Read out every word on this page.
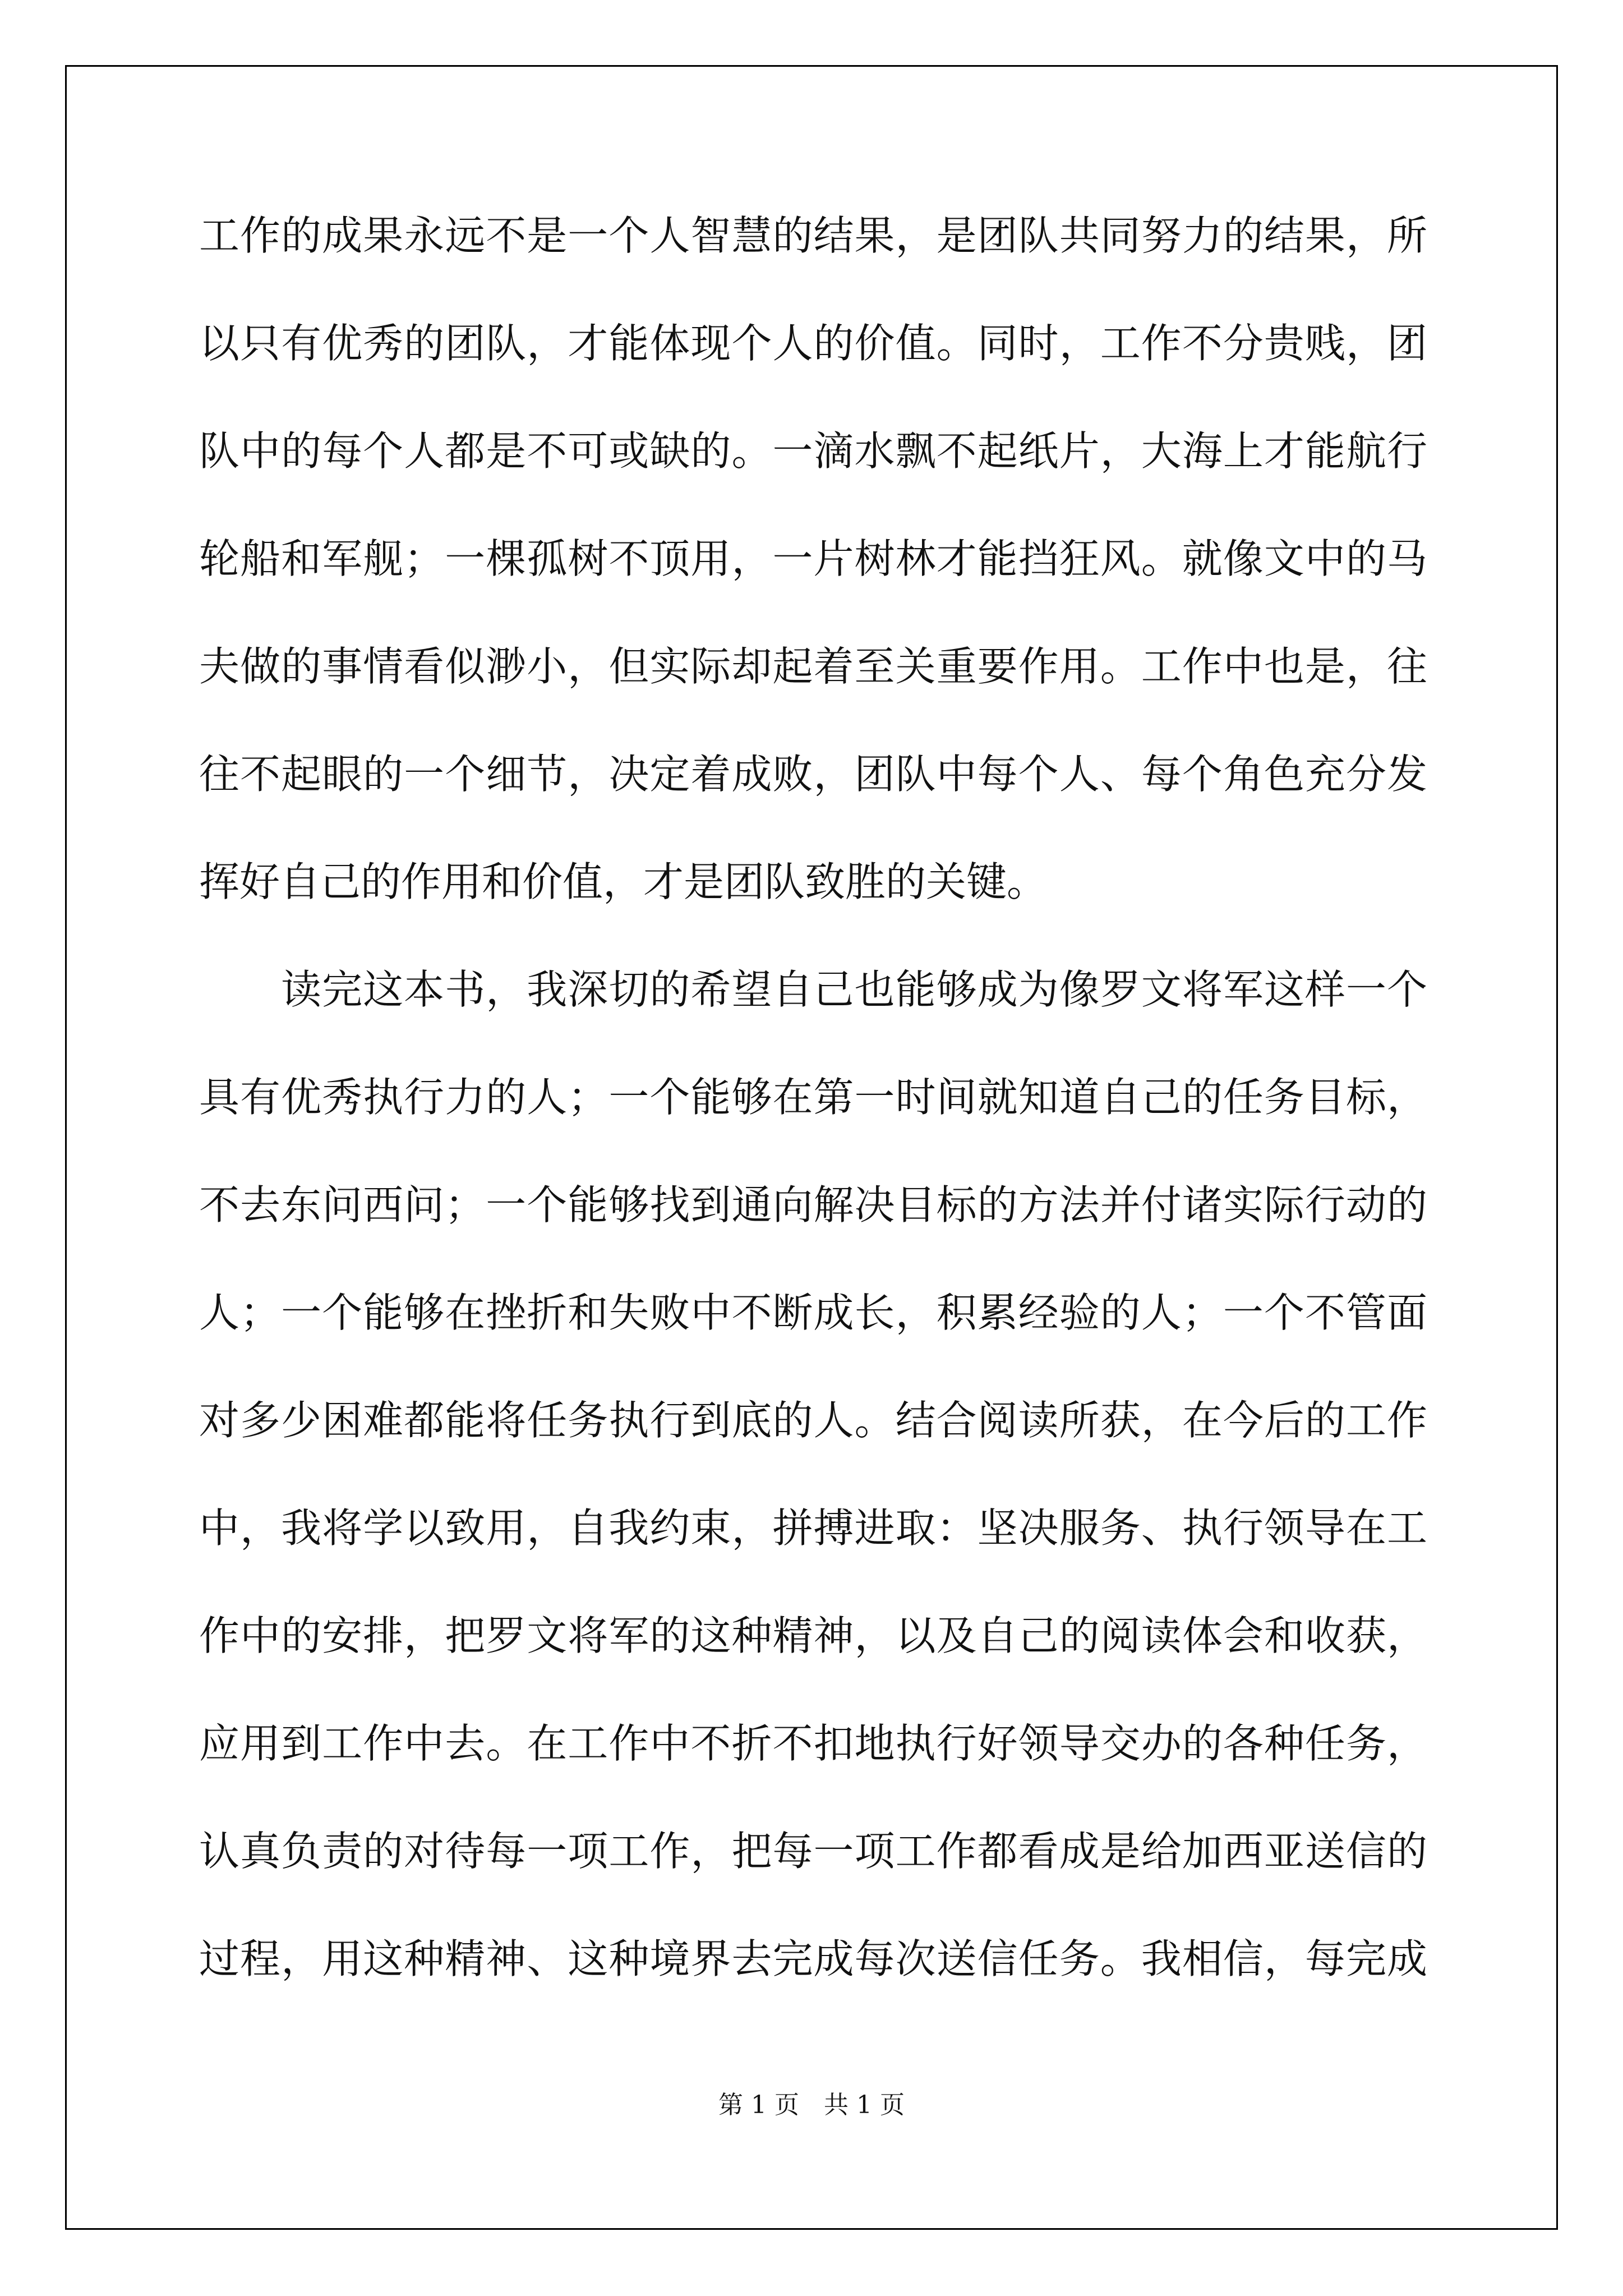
工作的成果永远不是一个人智慧的结果，是团队共同努力的结果，所
以只有优秀的团队，才能体现个人的价值。同时，工作不分贵贱，团
队中的每个人都是不可或缺的。一滴水飘不起纸片，大海上才能航行
轮船和军舰；一棵孤树不顶用，一片树林才能挡狂风。就像文中的马
夫做的事情看似渺小，但实际却起着至关重要作用。工作中也是，往
往不起眼的一个细节，决定着成败，团队中每个人、每个角色充分发
挥好自己的作用和价值，才是团队致胜的关键。
　　读完这本书，我深切的希望自己也能够成为像罗文将军这样一个
具有优秀执行力的人；一个能够在第一时间就知道自己的任务目标，
不去东问西问；一个能够找到通向解决目标的方法并付诸实际行动的
人；一个能够在挫折和失败中不断成长，积累经验的人；一个不管面
对多少困难都能将任务执行到底的人。结合阅读所获，在今后的工作
中，我将学以致用，自我约束，拼搏进取：坚决服务、执行领导在工
作中的安排，把罗文将军的这种精神，以及自己的阅读体会和收获，
应用到工作中去。在工作中不折不扣地执行好领导交办的各种任务，
认真负责的对待每一项工作，把每一项工作都看成是给加西亚送信的
过程，用这种精神、这种境界去完成每次送信任务。我相信，每完成
第 1 页　共 1 页
